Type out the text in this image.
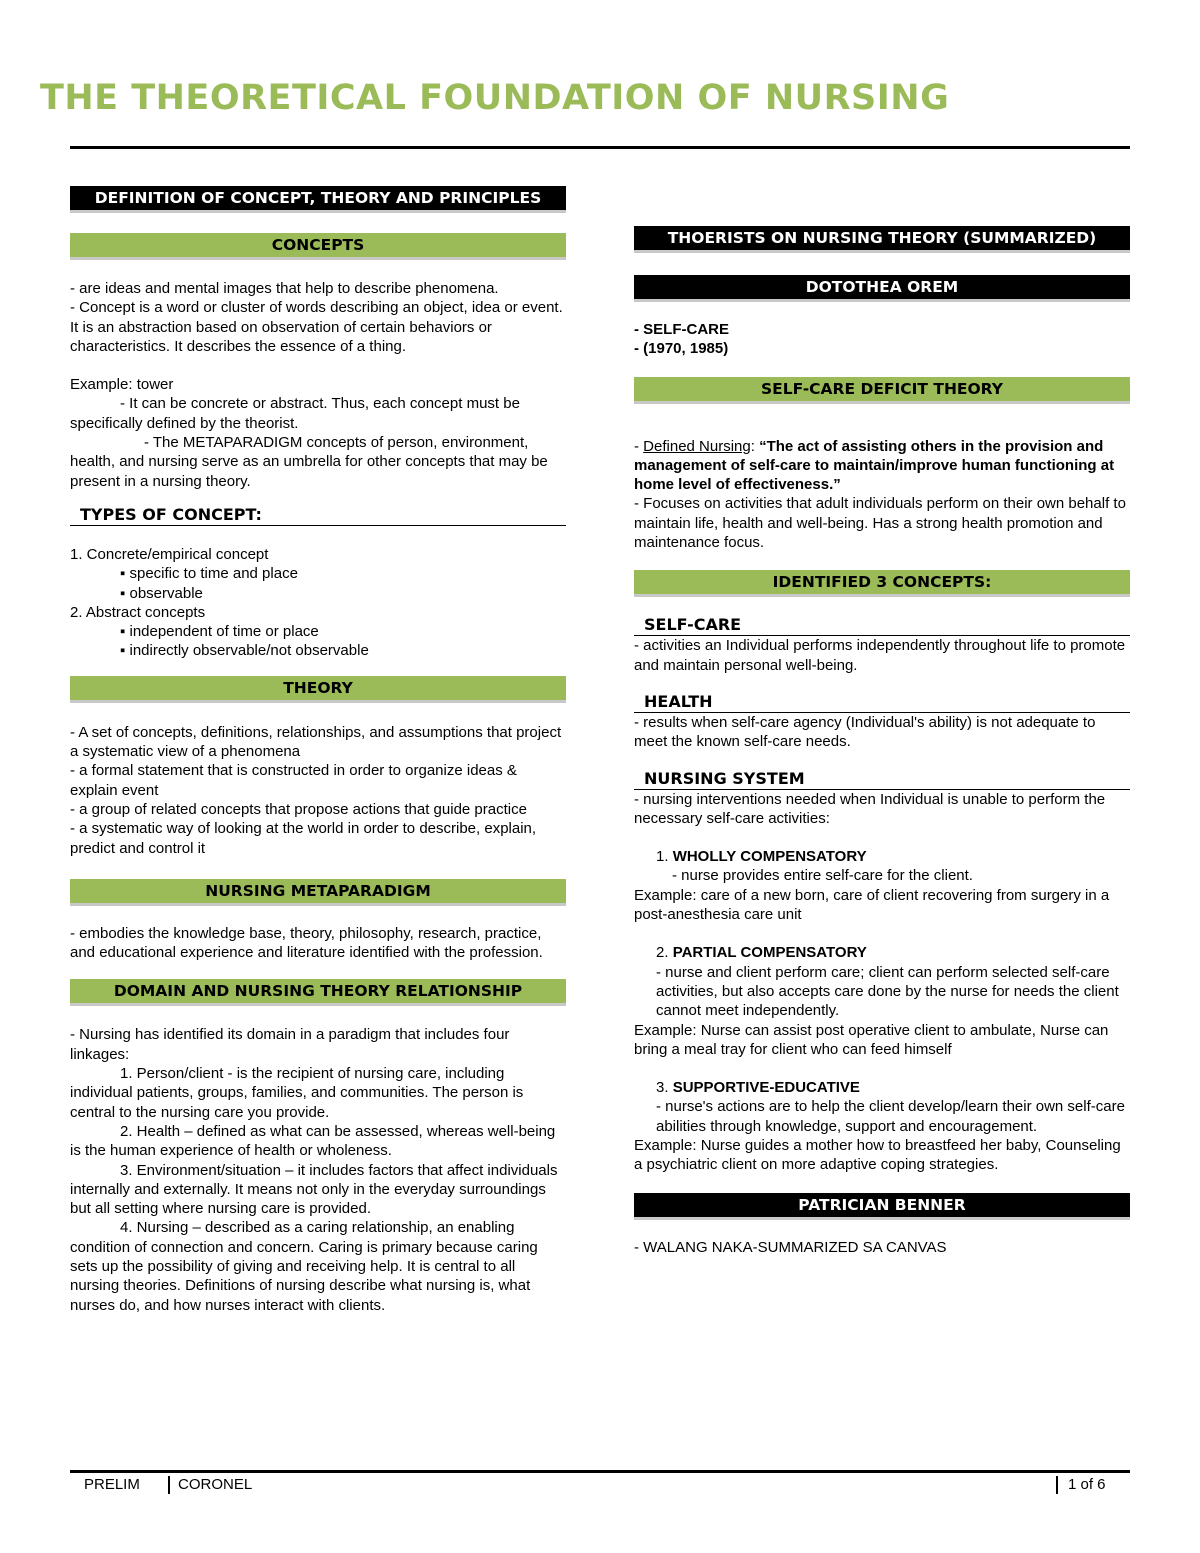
THE THEORETICAL FOUNDATION OF NURSING
DEFINITION OF CONCEPT, THEORY AND PRINCIPLES
CONCEPTS

- are ideas and mental images that help to describe phenomena.

- Concept is a word or cluster of words describing an object, idea or event. It is an abstraction based on observation of certain behaviors or characteristics. It describes the essence of a thing.

Example: tower

- It can be concrete or abstract. Thus, each concept must be specifically defined by the theorist.

- The METAPARADIGM concepts of person, environment, health, and nursing serve as an umbrella for other concepts that may be present in a nursing theory.

TYPES OF CONCEPT:

1. Concrete/empirical concept

▪ specific to time and place

▪ observable

2. Abstract concepts

▪ independent of time or place

▪ indirectly observable/not observable

THEORY

- A set of concepts, definitions, relationships, and assumptions that project a systematic view of a phenomena

- a formal statement that is constructed in order to organize ideas & explain event

- a group of related concepts that propose actions that guide practice

- a systematic way of looking at the world in order to describe, explain, predict and control it

NURSING METAPARADIGM

- embodies the knowledge base, theory, philosophy, research, practice, and educational experience and literature identified with the profession.

DOMAIN AND NURSING THEORY RELATIONSHIP

- Nursing has identified its domain in a paradigm that includes four linkages:

1. Person/client - is the recipient of nursing care, including individual patients, groups, families, and communities. The person is central to the nursing care you provide.

2. Health – defined as what can be assessed, whereas well-being is the human experience of health or wholeness.

3. Environment/situation – it includes factors that affect individuals internally and externally. It means not only in the everyday surroundings but all setting where nursing care is provided.

4. Nursing – described as a caring relationship, an enabling condition of connection and concern. Caring is primary because caring sets up the possibility of giving and receiving help. It is central to all nursing theories. Definitions of nursing describe what nursing is, what nurses do, and how nurses interact with clients.

THOERISTS ON NURSING THEORY (SUMMARIZED)
DOTOTHEA OREM

- SELF-CARE

- (1970, 1985)

SELF-CARE DEFICIT THEORY

- Defined Nursing: “The act of assisting others in the provision and management of self-care to maintain/improve human functioning at home level of effectiveness.”

- Focuses on activities that adult individuals perform on their own behalf to maintain life, health and well-being. Has a strong health promotion and maintenance focus.

IDENTIFIED 3 CONCEPTS:
SELF-CARE

- activities an Individual performs independently throughout life to promote and maintain personal well-being.

HEALTH

- results when self-care agency (Individual's ability) is not adequate to meet the known self-care needs.

NURSING SYSTEM

- nursing interventions needed when Individual is unable to perform the necessary self-care activities:

1. WHOLLY COMPENSATORY

- nurse provides entire self-care for the client.

Example: care of a new born, care of client recovering from surgery in a post-anesthesia care unit

2. PARTIAL COMPENSATORY

- nurse and client perform care; client can perform selected self-care activities, but also accepts care done by the nurse for needs the client cannot meet independently.

Example: Nurse can assist post operative client to ambulate, Nurse can bring a meal tray for client who can feed himself

3. SUPPORTIVE-EDUCATIVE

- nurse's actions are to help the client develop/learn their own self-care abilities through knowledge, support and encouragement.

Example: Nurse guides a mother how to breastfeed her baby, Counseling a psychiatric client on more adaptive coping strategies.

PATRICIAN BENNER

- WALANG NAKA-SUMMARIZED SA CANVAS

PRELIM	CORONEL	1 of 6
